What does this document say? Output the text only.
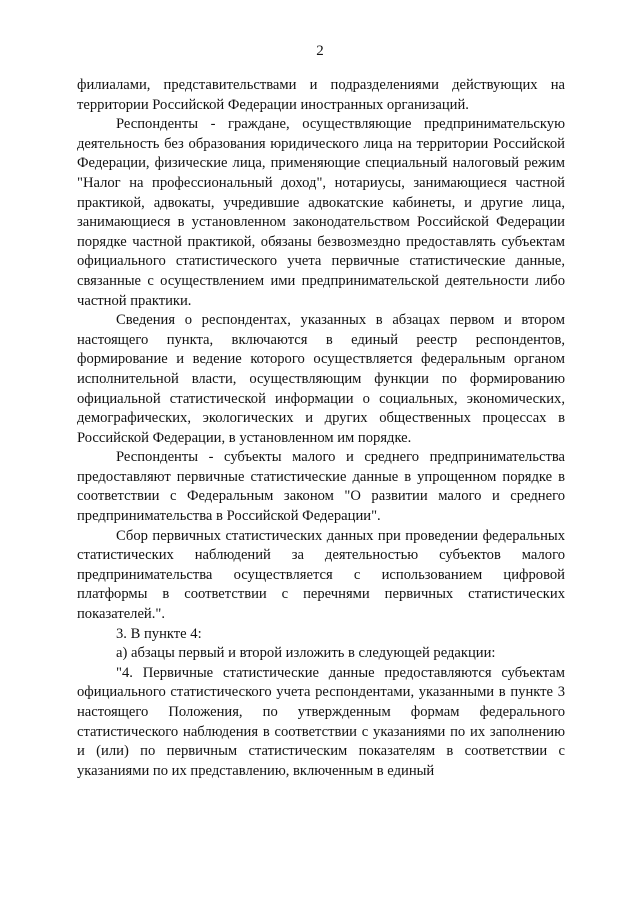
2

филиалами, представительствами и подразделениями действующих на территории Российской Федерации иностранных организаций.

Респонденты - граждане, осуществляющие предпринимательскую деятельность без образования юридического лица на территории Российской Федерации, физические лица, применяющие специальный налоговый режим "Налог на профессиональный доход", нотариусы, занимающиеся частной практикой, адвокаты, учредившие адвокатские кабинеты, и другие лица, занимающиеся в установленном законодательством Российской Федерации порядке частной практикой, обязаны безвозмездно предоставлять субъектам официального статистического учета первичные статистические данные, связанные с осуществлением ими предпринимательской деятельности либо частной практики.

Сведения о респондентах, указанных в абзацах первом и втором настоящего пункта, включаются в единый реестр респондентов, формирование и ведение которого осуществляется федеральным органом исполнительной власти, осуществляющим функции по формированию официальной статистической информации о социальных, экономических, демографических, экологических и других общественных процессах в Российской Федерации, в установленном им порядке.

Респонденты - субъекты малого и среднего предпринимательства предоставляют первичные статистические данные в упрощенном порядке в соответствии с Федеральным законом "О развитии малого и среднего предпринимательства в Российской Федерации".

Сбор первичных статистических данных при проведении федеральных статистических наблюдений за деятельностью субъектов малого предпринимательства осуществляется с использованием цифровой платформы в соответствии с перечнями первичных статистических показателей.".

3. В пункте 4:

а) абзацы первый и второй изложить в следующей редакции:

"4. Первичные статистические данные предоставляются субъектам официального статистического учета респондентами, указанными в пункте 3 настоящего Положения, по утвержденным формам федерального статистического наблюдения в соответствии с указаниями по их заполнению и (или) по первичным статистическим показателям в соответствии с указаниями по их представлению, включенным в единый
